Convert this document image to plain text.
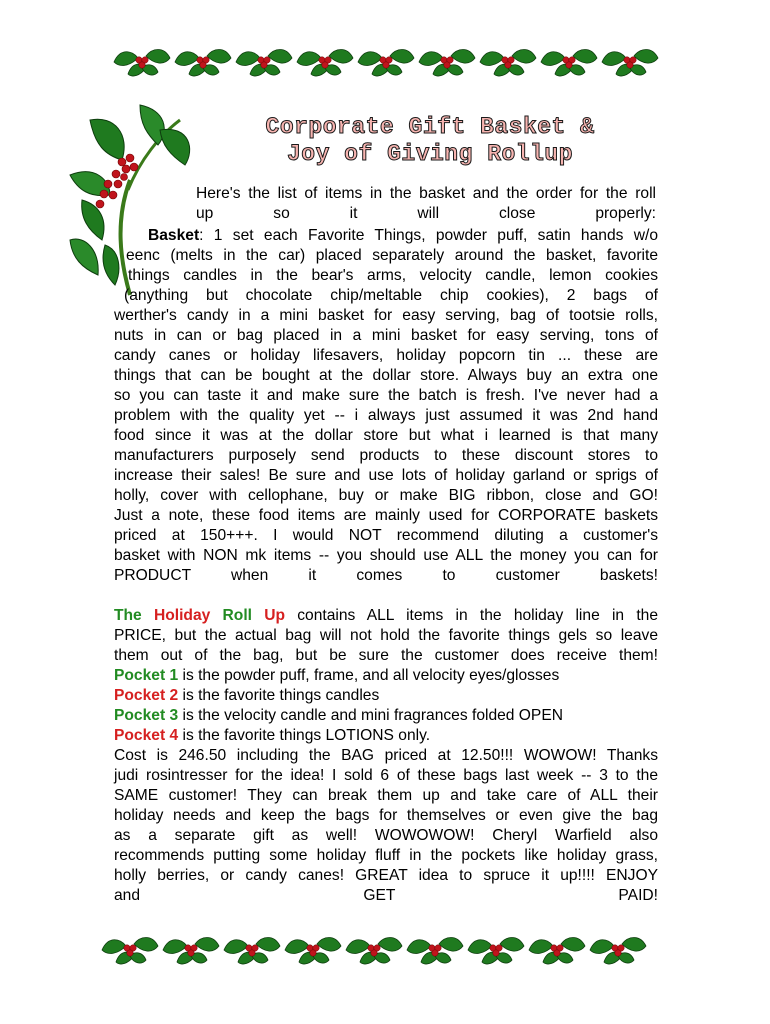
Corporate Gift Basket &
Joy of Giving Rollup
Here's the list of items in the basket and the order for the roll
up so it will close properly:
Basket: 1 set each Favorite Things, powder puff, satin hands w/o
eenc (melts in the car) placed separately around the basket, favorite
things candles in the bear's arms, velocity candle, lemon cookies
(anything but chocolate chip/meltable chip cookies), 2 bags of
werther's candy in a mini basket for easy serving, bag of tootsie rolls,
nuts in can or bag placed in a mini basket for easy serving, tons of
candy canes or holiday lifesavers, holiday popcorn tin ... these are
things that can be bought at the dollar store. Always buy an extra one
so you can taste it and make sure the batch is fresh. I've never had a
problem with the quality yet -- i always just assumed it was 2nd hand
food since it was at the dollar store but what i learned is that many
manufacturers purposely send products to these discount stores to
increase their sales! Be sure and use lots of holiday garland or sprigs of
holly, cover with cellophane, buy or make BIG ribbon, close and GO!
Just a note, these food items are mainly used for CORPORATE baskets
priced at 150+++. I would NOT recommend diluting a customer's
basket with NON mk items -- you should use ALL the money you can for
PRODUCT when it comes to customer baskets!
The Holiday Roll Up contains ALL items in the holiday line in the
PRICE, but the actual bag will not hold the favorite things gels so leave
them out of the bag, but be sure the customer does receive them!
Pocket 1 is the powder puff, frame, and all velocity eyes/glosses
Pocket 2 is the favorite things candles
Pocket 3 is the velocity candle and mini fragrances folded OPEN
Pocket 4 is the favorite things LOTIONS only.
Cost is 246.50 including the BAG priced at 12.50!!! WOWOW! Thanks
judi rosintresser for the idea! I sold 6 of these bags last week -- 3 to the
SAME customer! They can break them up and take care of ALL their
holiday needs and keep the bags for themselves or even give the bag
as a separate gift as well! WOWOWOW! Cheryl Warfield also
recommends putting some holiday fluff in the pockets like holiday grass,
holly berries, or candy canes! GREAT idea to spruce it up!!!! ENJOY
and GET PAID!
